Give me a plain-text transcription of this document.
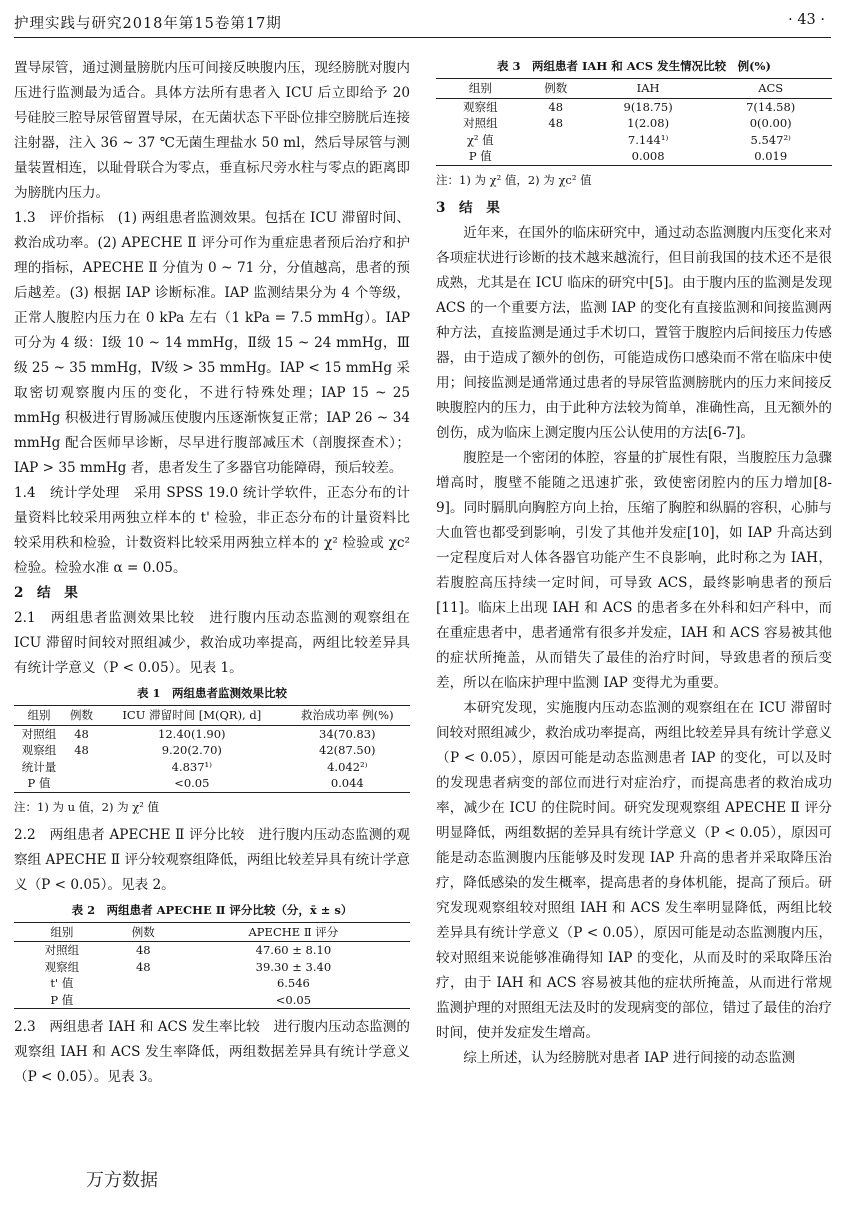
护理实践与研究2018年第15卷第17期	· 43 ·

置导尿管，通过测量膀胱内压可间接反映腹内压，现经膀胱对腹内压进行监测最为适合。具体方法所有患者入 ICU 后立即给予 20 号硅胶三腔导尿管留置导尿，在无菌状态下平卧位排空膀胱后连接注射器，注入 36 ~ 37 ℃无菌生理盐水 50 ml，然后导尿管与测量装置相连，以耻骨联合为零点，垂直标尺旁水柱与零点的距离即为膀胱内压力。

1.3　评价指标　(1) 两组患者监测效果。包括在 ICU 滞留时间、救治成功率。(2) APECHE Ⅱ 评分可作为重症患者预后治疗和护理的指标，APECHE Ⅱ 分值为 0 ~ 71 分，分值越高，患者的预后越差。(3) 根据 IAP 诊断标准。IAP 监测结果分为 4 个等级，正常人腹腔内压力在 0 kPa 左右（1 kPa = 7.5 mmHg）。IAP 可分为 4 级：Ⅰ级 10 ~ 14 mmHg，Ⅱ级 15 ~ 24 mmHg，Ⅲ级 25 ~ 35 mmHg，Ⅳ级 > 35 mmHg。IAP < 15 mmHg 采取密切观察腹内压的变化，不进行特殊处理；IAP 15 ~ 25 mmHg 积极进行胃肠减压使腹内压逐渐恢复正常；IAP 26 ~ 34 mmHg 配合医师早诊断，尽早进行腹部减压术（剖腹探查术）；IAP > 35 mmHg 者，患者发生了多器官功能障碍，预后较差。

1.4　统计学处理　采用 SPSS 19.0 统计学软件，正态分布的计量资料比较采用两独立样本的 t' 检验，非正态分布的计量资料比较采用秩和检验，计数资料比较采用两独立样本的 χ² 检验或 χc² 检验。检验水准 α = 0.05。

2　结　果

2.1　两组患者监测效果比较　进行腹内压动态监测的观察组在 ICU 滞留时间较对照组减少，救治成功率提高，两组比较差异具有统计学意义（P < 0.05）。见表 1。

表 1　两组患者监测效果比较
组别	例数	ICU 滞留时间 [M(QR), d]	救治成功率 例(%)
对照组	48	12.40(1.90)	34(70.83)
观察组	48	9.20(2.70)	42(87.50)
统计量		4.837¹⁾	4.042²⁾
P 值		<0.05	0.044
注：1) 为 u 值，2) 为 χ² 值

2.2　两组患者 APECHE Ⅱ 评分比较　进行腹内压动态监测的观察组 APECHE Ⅱ 评分较观察组降低，两组比较差异具有统计学意义（P < 0.05）。见表 2。

表 2　两组患者 APECHE Ⅱ 评分比较（分，x̄ ± s）
组别	例数	APECHE Ⅱ 评分
对照组	48	47.60 ± 8.10
观察组	48	39.30 ± 3.40
t' 值		6.546
P 值		<0.05

2.3　两组患者 IAH 和 ACS 发生率比较　进行腹内压动态监测的观察组 IAH 和 ACS 发生率降低，两组数据差异具有统计学意义（P < 0.05）。见表 3。

表 3　两组患者 IAH 和 ACS 发生情况比较　例(%)
组别	例数	IAH	ACS
观察组	48	9(18.75)	7(14.58)
对照组	48	1(2.08)	0(0.00)
χ² 值		7.144¹⁾	5.547²⁾
P 值		0.008	0.019
注：1) 为 χ² 值，2) 为 χc² 值

3　结　果

近年来，在国外的临床研究中，通过动态监测腹内压变化来对各项症状进行诊断的技术越来越流行，但目前我国的技术还不是很成熟，尤其是在 ICU 临床的研究中[5]。由于腹内压的监测是发现 ACS 的一个重要方法，监测 IAP 的变化有直接监测和间接监测两种方法，直接监测是通过手术切口，置管于腹腔内后间接压力传感器，由于造成了额外的创伤，可能造成伤口感染而不常在临床中使用；间接监测是通常通过患者的导尿管监测膀胱内的压力来间接反映腹腔内的压力，由于此种方法较为简单，准确性高，且无额外的创伤，成为临床上测定腹内压公认使用的方法[6-7]。

腹腔是一个密闭的体腔，容量的扩展性有限，当腹腔压力急骤增高时，腹壁不能随之迅速扩张，致使密闭腔内的压力增加[8-9]。同时膈肌向胸腔方向上抬，压缩了胸腔和纵膈的容积，心肺与大血管也都受到影响，引发了其他并发症[10]，如 IAP 升高达到一定程度后对人体各器官功能产生不良影响，此时称之为 IAH，若腹腔高压持续一定时间，可导致 ACS，最终影响患者的预后[11]。临床上出现 IAH 和 ACS 的患者多在外科和妇产科中，而在重症患者中，患者通常有很多并发症，IAH 和 ACS 容易被其他的症状所掩盖，从而错失了最佳的治疗时间，导致患者的预后变差，所以在临床护理中监测 IAP 变得尤为重要。

本研究发现，实施腹内压动态监测的观察组在在 ICU 滞留时间较对照组减少，救治成功率提高，两组比较差异具有统计学意义（P < 0.05），原因可能是动态监测患者 IAP 的变化，可以及时的发现患者病变的部位而进行对症治疗，而提高患者的救治成功率，减少在 ICU 的住院时间。研究发现观察组 APECHE Ⅱ 评分明显降低，两组数据的差异具有统计学意义（P < 0.05），原因可能是动态监测腹内压能够及时发现 IAP 升高的患者并采取降压治疗，降低感染的发生概率，提高患者的身体机能，提高了预后。研究发现观察组较对照组 IAH 和 ACS 发生率明显降低，两组比较差异具有统计学意义（P < 0.05），原因可能是动态监测腹内压，较对照组来说能够准确得知 IAP 的变化，从而及时的采取降压治疗，由于 IAH 和 ACS 容易被其他的症状所掩盖，从而进行常规监测护理的对照组无法及时的发现病变的部位，错过了最佳的治疗时间，使并发症发生增高。

综上所述，认为经膀胱对患者 IAP 进行间接的动态监测

万方数据
